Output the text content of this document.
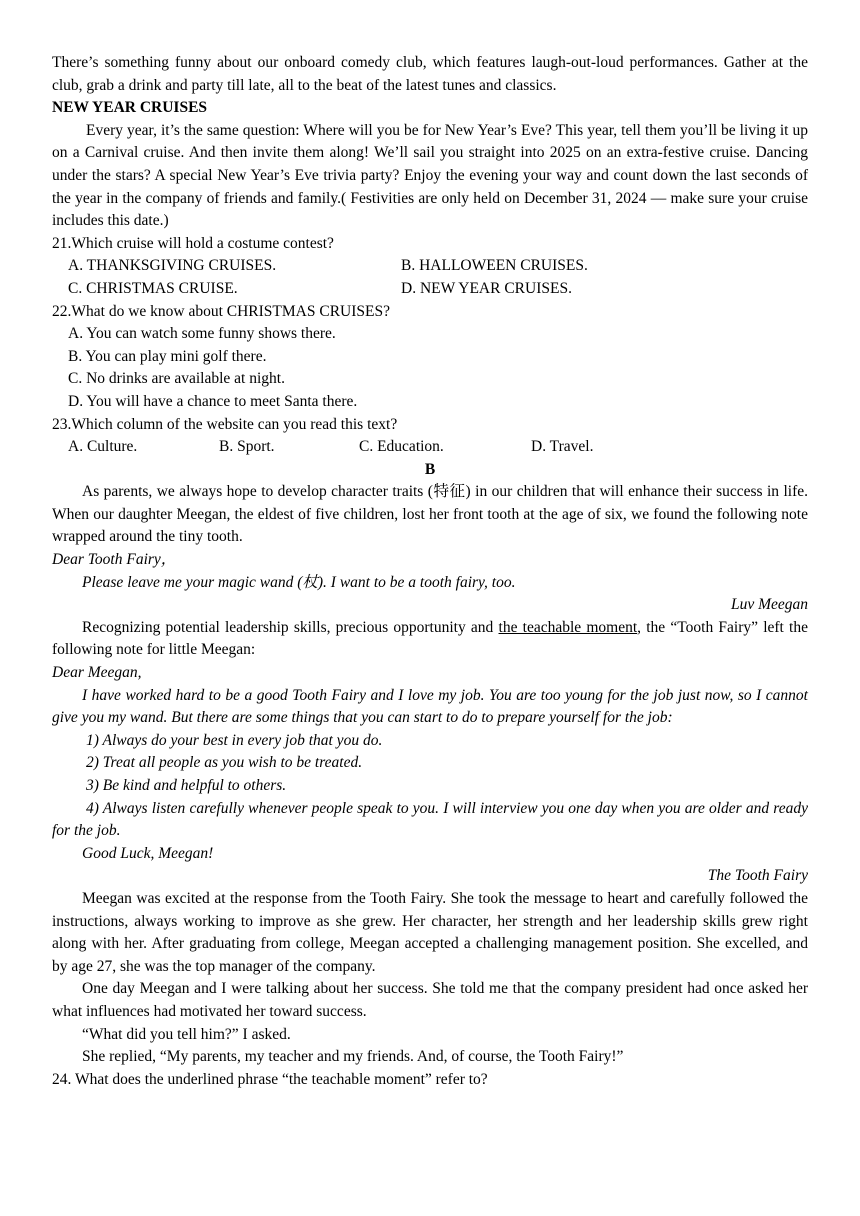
There’s something funny about our onboard comedy club, which features laugh-out-loud performances. Gather at the club, grab a drink and party till late, all to the beat of the latest tunes and classics.

NEW YEAR CRUISES

Every year, it’s the same question: Where will you be for New Year’s Eve? This year, tell them you’ll be living it up on a Carnival cruise. And then invite them along! We’ll sail you straight into 2025 on an extra-festive cruise. Dancing under the stars? A special New Year’s Eve trivia party? Enjoy the evening your way and count down the last seconds of the year in the company of friends and family.( Festivities are only held on December 31, 2024 — make sure your cruise includes this date.)

21.Which cruise will hold a costume contest?

A. THANKSGIVING CRUISES.	B. HALLOWEEN CRUISES.
C. CHRISTMAS CRUISE.	D. NEW YEAR CRUISES.

22.What do we know about CHRISTMAS CRUISES?

A. You can watch some funny shows there.
B. You can play mini golf there.
C. No drinks are available at night.
D. You will have a chance to meet Santa there.

23.Which column of the website can you read this text?

A. Culture.	B. Sport.	C. Education.	D. Travel.

B

As parents, we always hope to develop character traits (特征) in our children that will enhance their success in life. When our daughter Meegan, the eldest of five children, lost her front tooth at the age of six, we found the following note wrapped around the tiny tooth.

Dear Tooth Fairy，

Please leave me your magic wand (杖). I want to be a tooth fairy, too.

Luv Meegan

Recognizing potential leadership skills, precious opportunity and the teachable moment, the “Tooth Fairy” left the following note for little Meegan:

Dear Meegan,

I have worked hard to be a good Tooth Fairy and I love my job. You are too young for the job just now, so I cannot give you my wand. But there are some things that you can start to do to prepare yourself for the job:

1) Always do your best in every job that you do.

2) Treat all people as you wish to be treated.

3) Be kind and helpful to others.

4) Always listen carefully whenever people speak to you. I will interview you one day when you are older and ready for the job.

Good Luck, Meegan!

The Tooth Fairy

Meegan was excited at the response from the Tooth Fairy. She took the message to heart and carefully followed the instructions, always working to improve as she grew. Her character, her strength and her leadership skills grew right along with her. After graduating from college, Meegan accepted a challenging management position. She excelled, and by age 27, she was the top manager of the company.

One day Meegan and I were talking about her success. She told me that the company president had once asked her what influences had motivated her toward success.

“What did you tell him?” I asked.

She replied, “My parents, my teacher and my friends. And, of course, the Tooth Fairy!”

24. What does the underlined phrase “the teachable moment” refer to?
